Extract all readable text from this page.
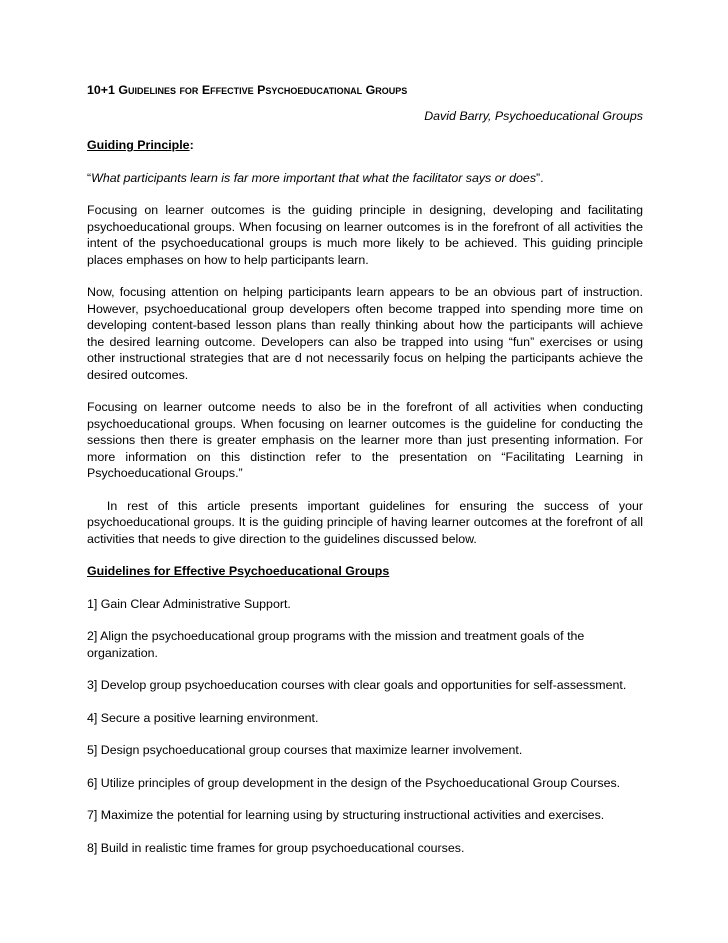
10+1 Guidelines for Effective Psychoeducational Groups
David Barry, Psychoeducational Groups
Guiding Principle:
“What participants learn is far more important that what the facilitator says or does”.
Focusing on learner outcomes is the guiding principle in designing, developing and facilitating psychoeducational groups. When focusing on learner outcomes is in the forefront of all activities the intent of the psychoeducational groups is much more likely to be achieved. This guiding principle places emphases on how to help participants learn.
Now, focusing attention on helping participants learn appears to be an obvious part of instruction. However, psychoeducational group developers often become trapped into spending more time on developing content-based lesson plans than really thinking about how the participants will achieve the desired learning outcome. Developers can also be trapped into using “fun” exercises or using other instructional strategies that are d not necessarily focus on helping the participants achieve the desired outcomes.
Focusing on learner outcome needs to also be in the forefront of all activities when conducting psychoeducational groups. When focusing on learner outcomes is the guideline for conducting the sessions then there is greater emphasis on the learner more than just presenting information. For more information on this distinction refer to the presentation on “Facilitating Learning in Psychoeducational Groups.”
In rest of this article presents important guidelines for ensuring the success of your psychoeducational groups. It is the guiding principle of having learner outcomes at the forefront of all activities that needs to give direction to the guidelines discussed below.
Guidelines for Effective Psychoeducational Groups
1] Gain Clear Administrative Support.
2] Align the psychoeducational group programs with the mission and treatment goals of the organization.
3] Develop group psychoeducation courses with clear goals and opportunities for self-assessment.
4] Secure a positive learning environment.
5] Design psychoeducational group courses that maximize learner involvement.
6] Utilize principles of group development in the design of the Psychoeducational Group Courses.
7] Maximize the potential for learning using by structuring instructional activities and exercises.
8] Build in realistic time frames for group psychoeducational courses.
